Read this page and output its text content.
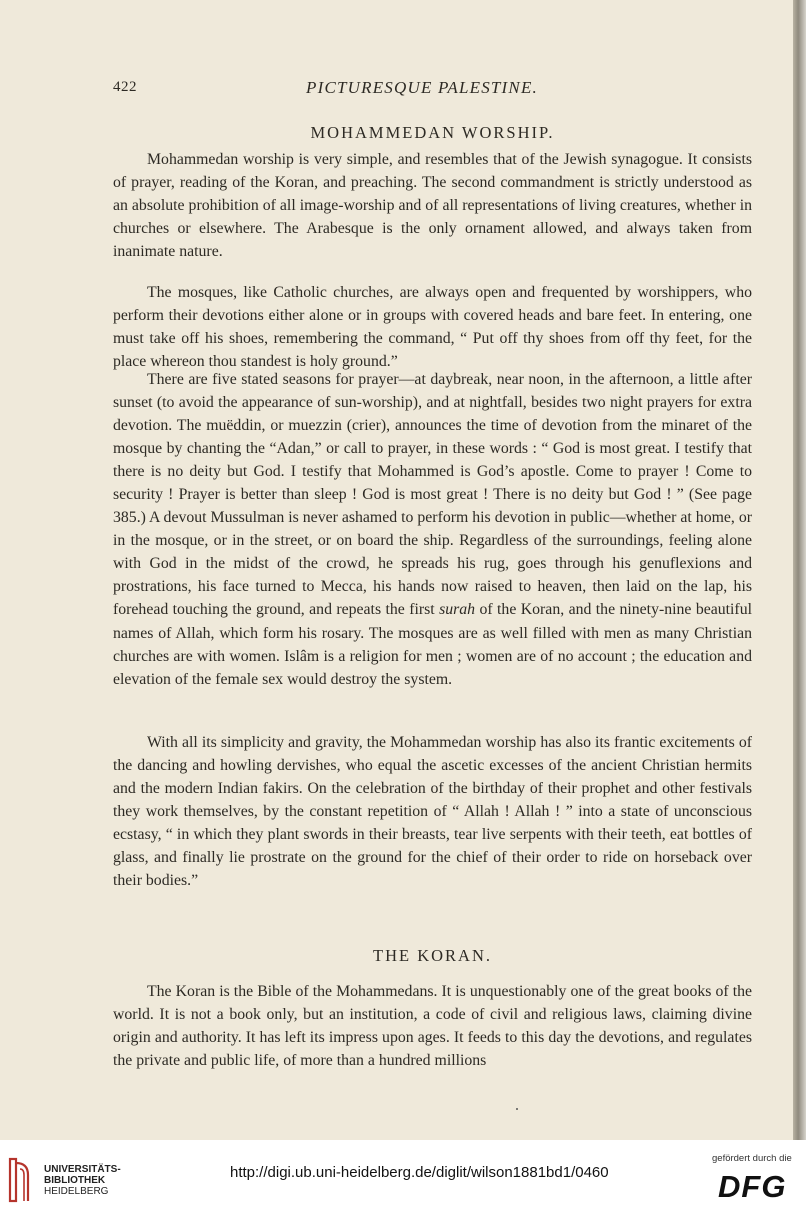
422	PICTURESQUE PALESTINE.
MOHAMMEDAN WORSHIP.

Mohammedan worship is very simple, and resembles that of the Jewish synagogue. It consists of prayer, reading of the Koran, and preaching. The second commandment is strictly understood as an absolute prohibition of all image-worship and of all representations of living creatures, whether in churches or elsewhere. The Arabesque is the only ornament allowed, and always taken from inanimate nature.

The mosques, like Catholic churches, are always open and frequented by worshippers, who perform their devotions either alone or in groups with covered heads and bare feet. In entering, one must take off his shoes, remembering the command, “ Put off thy shoes from off thy feet, for the place whereon thou standest is holy ground.”

There are five stated seasons for prayer—at daybreak, near noon, in the afternoon, a little after sunset (to avoid the appearance of sun-worship), and at nightfall, besides two night prayers for extra devotion. The muëddin, or muezzin (crier), announces the time of devotion from the minaret of the mosque by chanting the “Adan,” or call to prayer, in these words : “ God is most great. I testify that there is no deity but God. I testify that Mohammed is God’s apostle. Come to prayer ! Come to security ! Prayer is better than sleep ! God is most great ! There is no deity but God ! ” (See page 385.) A devout Mussulman is never ashamed to perform his devotion in public—whether at home, or in the mosque, or in the street, or on board the ship. Regardless of the surroundings, feeling alone with God in the midst of the crowd, he spreads his rug, goes through his genuflexions and prostrations, his face turned to Mecca, his hands now raised to heaven, then laid on the lap, his forehead touching the ground, and repeats the first surah of the Koran, and the ninety-nine beautiful names of Allah, which form his rosary. The mosques are as well filled with men as many Christian churches are with women. Islâm is a religion for men ; women are of no account ; the education and elevation of the female sex would destroy the system.

With all its simplicity and gravity, the Mohammedan worship has also its frantic excitements of the dancing and howling dervishes, who equal the ascetic excesses of the ancient Christian hermits and the modern Indian fakirs. On the celebration of the birthday of their prophet and other festivals they work themselves, by the constant repetition of “ Allah ! Allah ! ” into a state of unconscious ecstasy, “ in which they plant swords in their breasts, tear live serpents with their teeth, eat bottles of glass, and finally lie prostrate on the ground for the chief of their order to ride on horseback over their bodies.”

THE KORAN.

The Koran is the Bible of the Mohammedans. It is unquestionably one of the great books of the world. It is not a book only, but an institution, a code of civil and religious laws, claiming divine origin and authority. It has left its impress upon ages. It feeds to this day the devotions, and regulates the private and public life, of more than a hundred millions

UNIVERSITÄTS-
BIBLIOTHEK
HEIDELBERG
http://digi.ub.uni-heidelberg.de/diglit/wilson1881bd1/0460
gefördert durch die
DFG
